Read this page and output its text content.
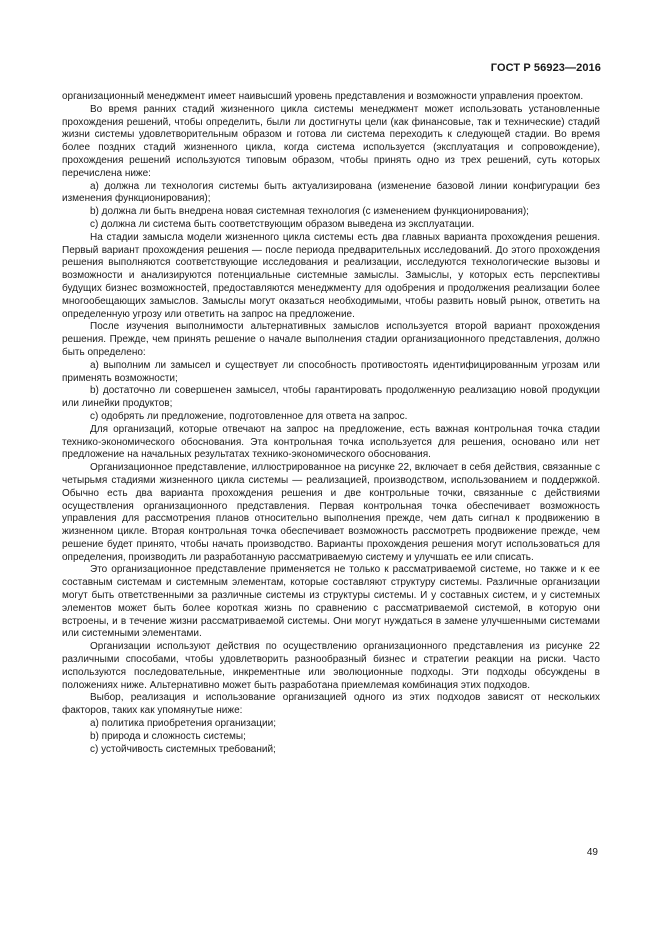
ГОСТ Р 56923—2016

организационный менеджмент имеет наивысший уровень представления и возможности управления проектом.

Во время ранних стадий жизненного цикла системы менеджмент может использовать установленные прохождения решений, чтобы определить, были ли достигнуты цели (как финансовые, так и технические) стадий жизни системы удовлетворительным образом и готова ли система переходить к следующей стадии. Во время более поздних стадий жизненного цикла, когда система используется (эксплуатация и сопровождение), прохождения решений используются типовым образом, чтобы принять одно из трех решений, суть которых перечислена ниже:

а) должна ли технология системы быть актуализирована (изменение базовой линии конфигурации без изменения функционирования);

b) должна ли быть внедрена новая системная технология (с изменением функционирования);

с) должна ли система быть соответствующим образом выведена из эксплуатации.

На стадии замысла модели жизненного цикла системы есть два главных варианта прохождения решения. Первый вариант прохождения решения — после периода предварительных исследований. До этого прохождения решения выполняются соответствующие исследования и реализации, исследуются технологические вызовы и возможности и анализируются потенциальные системные замыслы. Замыслы, у которых есть перспективы будущих бизнес возможностей, предоставляются менеджменту для одобрения и продолжения реализации более многообещающих замыслов. Замыслы могут оказаться необходимыми, чтобы развить новый рынок, ответить на определенную угрозу или ответить на запрос на предложение.

После изучения выполнимости альтернативных замыслов используется второй вариант прохождения решения. Прежде, чем принять решение о начале выполнения стадии организационного представления, должно быть определено:

а) выполним ли замысел и существует ли способность противостоять идентифицированным угрозам или применять возможности;

b) достаточно ли совершенен замысел, чтобы гарантировать продолженную реализацию новой продукции или линейки продуктов;

с) одобрять ли предложение, подготовленное для ответа на запрос.

Для организаций, которые отвечают на запрос на предложение, есть важная контрольная точка стадии технико-экономического обоснования. Эта контрольная точка используется для решения, основано или нет предложение на начальных результатах технико-экономического обоснования.

Организационное представление, иллюстрированное на рисунке 22, включает в себя действия, связанные с четырьмя стадиями жизненного цикла системы — реализацией, производством, использованием и поддержкой. Обычно есть два варианта прохождения решения и две контрольные точки, связанные с действиями осуществления организационного представления. Первая контрольная точка обеспечивает возможность управления для рассмотрения планов относительно выполнения прежде, чем дать сигнал к продвижению в жизненном цикле. Вторая контрольная точка обеспечивает возможность рассмотреть продвижение прежде, чем решение будет принято, чтобы начать производство. Варианты прохождения решения могут использоваться для определения, производить ли разработанную рассматриваемую систему и улучшать ее или списать.

Это организационное представление применяется не только к рассматриваемой системе, но также и к ее составным системам и системным элементам, которые составляют структуру системы. Различные организации могут быть ответственными за различные системы из структуры системы. И у составных систем, и у системных элементов может быть более короткая жизнь по сравнению с рассматриваемой системой, в которую они встроены, и в течение жизни рассматриваемой системы. Они могут нуждаться в замене улучшенными системами или системными элементами.

Организации используют действия по осуществлению организационного представления из рисунке 22 различными способами, чтобы удовлетворить разнообразный бизнес и стратегии реакции на риски. Часто используются последовательные, инкрементные или эволюционные подходы. Эти подходы обсуждены в положениях ниже. Альтернативно может быть разработана приемлемая комбинация этих подходов.

Выбор, реализация и использование организацией одного из этих подходов зависят от нескольких факторов, таких как упомянутые ниже:

а) политика приобретения организации;

b) природа и сложность системы;

с) устойчивость системных требований;

49
